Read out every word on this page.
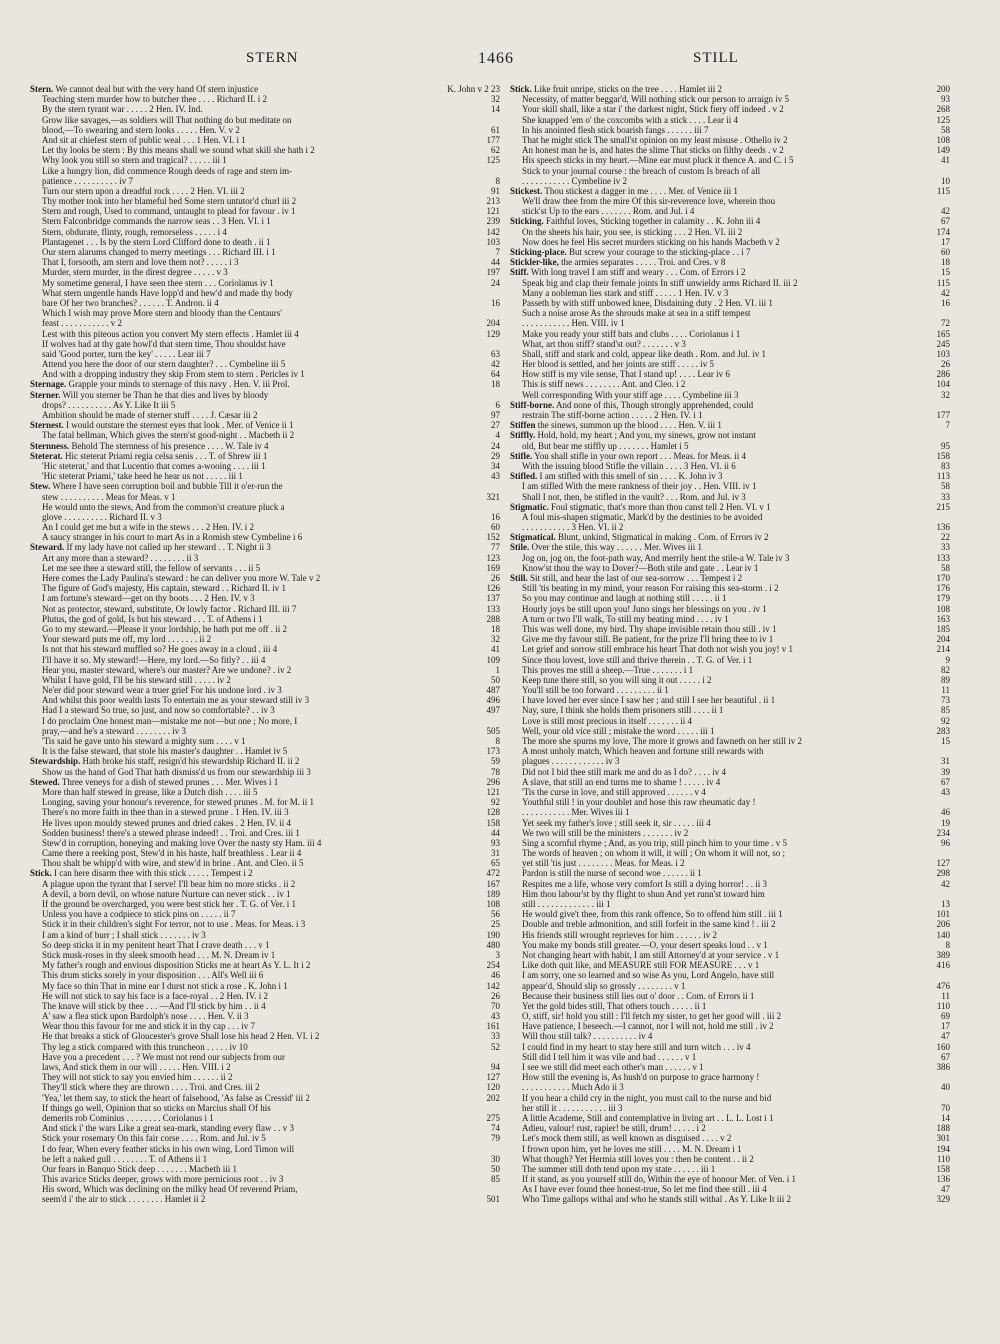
STERN	1466	STILL
Stern. We cannot deal but with the very hand Of stern injustice	K. John v 2 23
Teaching stern murder how to butcher thee . . . . Richard II. i 2	32
By the stern tyrant war . . . . . 2 Hen. IV. Ind.	14
Grow like savages,—as soldiers will That nothing do but meditate on
blood,—To swearing and stern looks . . . . . Hen. V. v 2	61
And sit at chiefest stern of public weal . . . 1 Hen. VI. i 1	177
Let thy looks be stern : By this means shall we sound what skill she hath i 2	62
Why look you still so stern and tragical? . . . . . iii 1	125
Like a hungry lion, did commence Rough deeds of rage and stern im-
patience . . . . . . . . . . iv 7	8
Turn our stern upon a dreadful rock . . . . 2 Hen. VI. iii 2	91
Thy mother took into her blameful bed Some stern untutor'd churl iii 2	213
Stern and rough, Used to command, untaught to plead for favour . iv 1	121
Stern Falconbridge commands the narrow seas . . 3 Hen. VI. i 1	239
Stern, obdurate, flinty, rough, remorseless . . . . . i 4	142
Plantagenet . . . Is by the stern Lord Clifford done to death . ii 1	103
Our stern alarums changed to merry meetings . . . Richard III. i 1	7
That I, forsooth, am stern and love them not? . . . . . i 3	44
Murder, stern murder, in the direst degree . . . . . v 3	197
My sometime general, I have seen thee stern . . . Coriolanus iv 1	24
What stern ungentle hands Have lopp'd and hew'd and made thy body
bare Of her two branches? . . . . . . T. Andron. ii 4	16
Which I wish may prove More stern and bloody than the Centaurs'
feast . . . . . . . . . . . v 2	204
Lest with this piteous action you convert My stern effects . Hamlet iii 4	129
If wolves had at thy gate howl'd that stern time, Thou shouldst have
said 'Good porter, turn the key' . . . . . Lear iii 7	63
Attend you here the door of our stern daughter? . . . Cymbeline iii 5	42
And with a dropping industry they skip From stem to stern . Pericles iv 1	64
Sternage. Grapple your minds to sternage of this navy . Hen. V. iii Prol.	18
Sterner. Will you sterner be Than he that dies and lives by bloody
drops? . . . . . . . . . . As Y. Like It iii 5	6
Ambition should be made of sterner stuff . . . . J. Cæsar iii 2	97
Sternest. I would outstare the sternest eyes that look . Mer. of Venice ii 1	27
The fatal bellman, Which gives the stern'st good-night . . Macbeth ii 2	4
Sternness. Behold The sternness of his presence . . . . W. Tale iv 4	24
Steterat. Hic steterat Priami regia celsa senis . . . T. of Shrew iii 1	29
'Hic steterat,' and that Lucentio that comes a-wooing . . . . iii 1	34
'Hic steterat Priami,' take heed he hear us not . . . . . iii 1	43
Stew. Where I have seen corruption boil and bubble Till it o'er-run the
stew . . . . . . . . . . Meas for Meas. v 1	321
He would unto the stews, And from the common'st creature pluck a
glove . . . . . . . . . . Richard II. v 3	16
An I could get me but a wife in the stews . . . 2 Hen. IV. i 2	60
A saucy stranger in his court to mart As in a Romish stew Cymbeline i 6	152
Steward. If my lady have not called up her steward . . T. Night ii 3	77
Art any more than a steward? . . . . . . . . ii 3	123
Let me see thee a steward still, the fellow of servants . . . ii 5	169
Here comes the Lady Paulina's steward : he can deliver you more W. Tale v 2	26
The figure of God's majesty, His captain, steward . . Richard II. iv 1	126
I am fortune's steward—get on thy boots . . . 2 Hen. IV. v 3	137
Not as protector, steward, substitute, Or lowly factor . Richard III. iii 7	133
Plutus, the god of gold, Is but his steward . . . T. of Athens i 1	288
Go to my steward.—Please it your lordship, he hath put me off . ii 2	18
Your steward puts me off, my lord . . . . . . . ii 2	32
Is not that his steward muffled so? He goes away in a cloud . iii 4	41
I'll have it so. My steward!—Here, my lord.—So fitly? . . iii 4	109
Hear you, master steward, where's our master? Are we undone? . iv 2	1
Whilst I have gold, I'll be his steward still . . . . . iv 2	50
Ne'er did poor steward wear a truer grief For his undone lord . iv 3	487
And whilst this poor wealth lasts To entertain me as your steward still iv 3	496
Had I a steward So true, so just, and now so comfortable? . . iv 3	497
I do proclaim One honest man—mistake me not—but one ; No more, I
pray,—and he's a steward . . . . . . . . iv 3	505
'Tis said he gave unto his steward a mighty sum . . . . v 1	8
It is the false steward, that stole his master's daughter . . Hamlet iv 5	173
Stewardship. Hath broke his staff, resign'd his stewardship Richard II. ii 2	59
Show us the hand of God That hath dismiss'd us from our stewardship iii 3	78
Stewed. Three veneys for a dish of stewed prunes . . . Mer. Wives i 1	296
More than half stewed in grease, like a Dutch dish . . . . iii 5	121
Longing, saving your honour's reverence, for stewed prunes . M. for M. ii 1	92
There's no more faith in thee than in a stewed prune . 1 Hen. IV. iii 3	128
He lives upon mouldy stewed prunes and dried cakes . 2 Hen. IV. ii 4	158
Sodden business! there's a stewed phrase indeed! . . Troi. and Cres. iii 1	44
Stew'd in corruption, honeying and making love Over the nasty sty Ham. iii 4	93
Came there a reeking post, Stew'd in his haste, half breathless . Lear ii 4	31
Thou shalt be whipp'd with wire, and stew'd in brine . Ant. and Cleo. ii 5	65
Stick. I can here disarm thee with this stick . . . . . Tempest i 2	472
A plague upon the tyrant that I serve! I'll bear him no more sticks . ii 2	167
A devil, a born devil, on whose nature Nurture can never stick . . iv 1	189
If the ground be overcharged, you were best stick her . T. G. of Ver. i 1	108
Unless you have a codpiece to stick pins on . . . . . ii 7	56
Stick it in their children's sight For terror, not to use . Meas. for Meas. i 3	25
I am a kind of burr ; I shall stick . . . . . . . iv 3	190
So deep sticks it in my penitent heart That I crave death . . . v 1	480
Stick musk-roses in thy sleek smooth head . . . M. N. Dream iv 1	3
My father's rough and envious disposition Sticks me at heart As Y. L. It i 2	254
This drum sticks sorely in your disposition . . . All's Well iii 6	46
My face so thin That in mine ear I durst not stick a rose . K. John i 1	142
He will not stick to say his face is a face-royal . . 2 Hen. IV. i 2	26
The knave will stick by thee . . . —And I'll stick by him . . ii 4	70
A' saw a flea stick upon Bardolph's nose . . . . Hen. V. ii 3	43
Wear thou this favour for me and stick it in thy cap . . . iv 7	161
He that breaks a stick of Gloucester's grove Shall lose his head 2 Hen. VI. i 2	33
Thy leg a stick compared with this truncheon . . . . . iv 10	52
Have you a precedent . . . ? We must not rend our subjects from our
laws, And stick them in our will . . . . . Hen. VIII. i 2	94
They will not stick to say you envied him . . . . . . ii 2	127
They'll stick where they are thrown . . . . Troi. and Cres. iii 2	120
'Yea,' let them say, to stick the heart of falsehood, 'As false as Cressid' iii 2	202
If things go well, Opinion that so sticks on Marcius shall Of his
demerits rob Cominius . . . . . . . . Coriolanus i 1	275
And stick i' the wars Like a great sea-mark, standing every flaw . . v 3	74
Stick your rosemary On this fair corse . . . . Rom. and Jul. iv 5	79
I do fear, When every feather sticks in his own wing, Lord Timon will
be left a naked gull . . . . . . . . T. of Athens ii 1	30
Our fears in Banquo Stick deep . . . . . . . Macbeth iii 1	50
This avarice Sticks deeper, grows with more pernicious root . . iv 3	85
His sword, Which was declining on the milky head Of reverend Priam,
seem'd i' the air to stick . . . . . . . . Hamlet ii 2	501
Stick. Like fruit unripe, sticks on the tree . . . . Hamlet iii 2	200
Necessity, of matter beggar'd, Will nothing stick our person to arraign iv 5	93
Your skill shall, like a star i' the darkest night, Stick fiery off indeed . v 2	268
She knapped 'em o' the coxcombs with a stick . . . . Lear ii 4	125
In his anointed flesh stick boarish fangs . . . . . . iii 7	58
That he might stick The small'st opinion on my least misuse . Othello iv 2	108
An honest man he is, and hates the slime That sticks on filthy deeds . v 2	149
His speech sticks in my heart.—Mine ear must pluck it thence A. and C. i 5	41
Stick to your journal course : the breach of custom Is breach of all
. . . . . . . . . . . Cymbeline iv 2	10
Stickest. Thou stickest a dagger in me . . . . Mer. of Venice iii 1	115
We'll draw thee from the mire Of this sir-reverence love, wherein thou
stick'st Up to the ears . . . . . . . Rom. and Jul. i 4	42
Sticking. Faithful loves, Sticking together in calamity . . K. John iii 4	67
On the sheets his hair, you see, is sticking . . . 2 Hen. VI. iii 2	174
Now does he feel His secret murders sticking on his hands Macbeth v 2	17
Sticking-place. But screw your courage to the sticking-place . . i 7	60
Stickler-like, the armies separates . . . . . Troi. and Cres. v 8	18
Stiff. With long travel I am stiff and weary . . . Com. of Errors i 2	15
Speak big and clap their female joints In stiff unwieldy arms Richard II. iii 2	115
Many a nobleman lies stark and stiff . . . . . 1 Hen. IV. v 3	42
Passeth by with stiff unbowed knee, Disdaining duty . 2 Hen. VI. iii 1	16
Such a noise arose As the shrouds make at sea in a stiff tempest
. . . . . . . . . . . Hen. VIII. iv 1	72
Make you ready your stiff bats and clubs . . . . Coriolanus i 1	165
What, art thou stiff? stand'st out? . . . . . . . v 3	245
Shall, stiff and stark and cold, appear like death . Rom. and Jul. iv 1	103
Her blood is settled, and her joints are stiff . . . . . iv 5	26
How stiff is my vile sense, That I stand up! . . . . Lear iv 6	286
This is stiff news . . . . . . . . Ant. and Cleo. i 2	104
Well corresponding With your stiff age . . . . Cymbeline iii 3	32
Stiff-borne. And none of this, Though strongly apprehended, could
restrain The stiff-borne action . . . . . 2 Hen. IV. i 1	177
Stiffen the sinews, summon up the blood . . . . Hen. V. iii 1	7
Stiffly. Hold, hold, my heart ; And you, my sinews, grow not instant
old, But bear me stiffly up . . . . . . . Hamlet i 5	95
Stifle. You shall stifle in your own report . . . Meas. for Meas. ii 4	158
With the issuing blood Stifle the villain . . . . 3 Hen. VI. ii 6	83
Stifled. I am stifled with this smell of sin . . . . K. John iv 3	113
I am stifled With the mere rankness of their joy . . Hen. VIII. iv 1	58
Shall I not, then, be stifled in the vault? . . . Rom. and Jul. iv 3	33
Stigmatic. Foul stigmatic, that's more than thou canst tell 2 Hen. VI. v 1	215
A foul mis-shapen stigmatic, Mark'd by the destinies to be avoided
. . . . . . . . . . . 3 Hen. VI. ii 2	136
Stigmatical. Blunt, unkind, Stigmatical in making . Com. of Errors iv 2	22
Stile. Over the stile, this way . . . . . . Mer. Wives iii 1	33
Jog on, jog on, the foot-path way, And merrily hent the stile-a W. Tale iv 3	133
Know'st thou the way to Dover?—Both stile and gate . . Lear iv 1	58
Still. Sit still, and hear the last of our sea-sorrow . . . Tempest i 2	170
Still 'tis beating in my mind, your reason For raising this sea-storm . i 2	176
So you may continue and laugh at nothing still . . . . . ii 1	179
Hourly joys be still upon you! Juno sings her blessings on you . iv 1	108
A turn or two I'll walk, To still my beating mind . . . . iv 1	163
This was well done, my bird. Thy shape invisible retain thou still . iv 1	185
Give me thy favour still. Be patient, for the prize I'll bring thee to iv 1	204
Let grief and sorrow still embrace his heart That doth not wish you joy! v 1	214
Since thou lovest, love still and thrive therein . . T. G. of Ver. i 1	9
This proves me still a sheep.—True . . . . . . . i 1	82
Keep tune there still, so you will sing it out . . . . . i 2	89
You'll still be too forward . . . . . . . . . ii 1	11
I have loved her ever since I saw her ; and still I see her beautiful . ii 1	73
Nay, sure, I think she holds them prisoners still . . . . ii 1	85
Love is still most precious in itself . . . . . . . ii 4	92
Well, your old vice still ; mistake the word . . . . . iii 1	283
The more she spurns my love, The more it grows and fawneth on her still iv 2	15
A most unholy match, Which heaven and fortune still rewards with
plagues . . . . . . . . . . . . iv 3	31
Did not I bid thee still mark me and do as I do? . . . . iv 4	39
A slave, that still an end turns me to shame ! . . . . . iv 4	67
'Tis the curse in love, and still approved . . . . . . v 4	43
Youthful still ! in your doublet and hose this raw rheumatic day !
. . . . . . . . . . . Mer. Wives iii 1	46
Yet seek my father's love ; still seek it, sir . . . . . iii 4	19
We two will still be the ministers . . . . . . . iv 2	234
Sing a scornful rhyme ; And, as you trip, still pinch him to your time . v 5	96
The words of heaven ; on whom it will, it will ; On whom it will not, so ;
yet still 'tis just . . . . . . . . Meas. for Meas. i 2	127
Pardon is still the nurse of second woe . . . . . . ii 1	298
Respites me a life, whose very comfort Is still a dying horror! . . ii 3	42
Him thou labour'st by thy flight to shun And yet runn'st toward him
still . . . . . . . . . . . . . iii 1	13
He would give't thee, from this rank offence, So to offend him still . iii 1	101
Double and treble admonition, and still forfeit in the same kind ! . iii 2	206
His friends still wrought reprieves for him . . . . . . iv 2	140
You make my bonds still greater.—O, your desert speaks loud . . v 1	8
Not changing heart with habit, I am still Attorney'd at your service . v 1	389
Like doth quit like, and MEASURE still FOR MEASURE . . . v 1	416
I am sorry, one so learned and so wise As you, Lord Angelo, have still
appear'd, Should slip so grossly . . . . . . . . v 1	476
Because their business still lies out o' door . . Com. of Errors ii 1	11
Yet the gold bides still, That others touch . . . . . ii 1	110
O, stiff, sir! hold you still : I'll fetch my sister, to get her good will . iii 2	69
Have patience, I beseech.—I cannot, nor I will not, hold me still . iv 2	17
Will thou still talk? . . . . . . . . . . iv 4	47
I could find in my heart to stay here still and turn witch . . . iv 4	160
Still did I tell him it was vile and bad . . . . . . v 1	67
I see we still did meet each other's man . . . . . . v 1	386
How still the evening is, As hush'd on purpose to grace harmony !
. . . . . . . . . . . Much Ado ii 3	40
If you hear a child cry in the night, you must call to the nurse and bid
her still it . . . . . . . . . . . iii 3	70
A little Academe, Still and contemplative in living art . . L. L. Lost i 1	14
Adieu, valour! rust, rapier! be still, drum! . . . . . i 2	188
Let's mock them still, as well known as disguised . . . . v 2	301
I frown upon him, yet he loves me still . . . . M. N. Dream i 1	194
What though? Yet Hermia still loves you : then be content . . ii 2	110
The summer still doth tend upon my state . . . . . . iii 1	158
If it stand, as you yourself still do, Within the eye of honour Mer. of Ven. i 1	136
As I have ever found thee honest-true, So let me find thee still . iii 4	47
Who Time gallops withal and who he stands still withal . As Y. Like It iii 2	329
